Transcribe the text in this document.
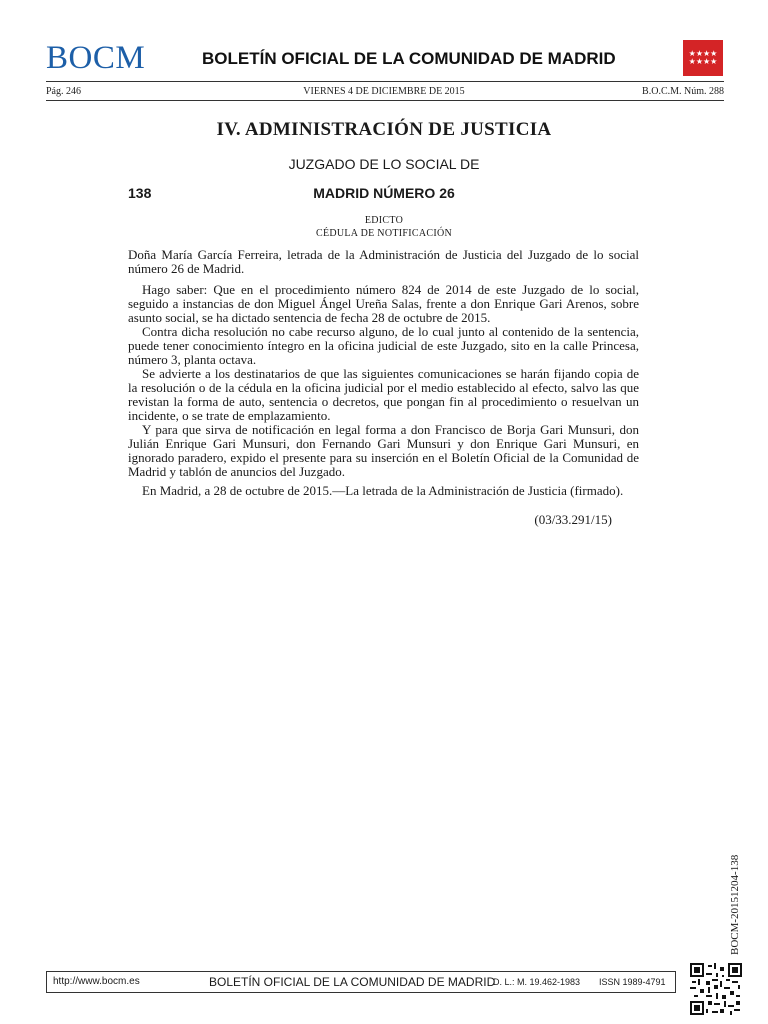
BOCM	BOLETÍN OFICIAL DE LA COMUNIDAD DE MADRID	★★★★
★★★★
Pág. 246	VIERNES 4 DE DICIEMBRE DE 2015	B.O.C.M. Núm. 288
IV. ADMINISTRACIÓN DE JUSTICIA
JUZGADO DE LO SOCIAL DE
138	MADRID NÚMERO 26
EDICTO
CÉDULA DE NOTIFICACIÓN

Doña María García Ferreira, letrada de la Administración de Justicia del Juzgado de lo social número 26 de Madrid.

Hago saber: Que en el procedimiento número 824 de 2014 de este Juzgado de lo social, seguido a instancias de don Miguel Ángel Ureña Salas, frente a don Enrique Gari Arenos, sobre asunto social, se ha dictado sentencia de fecha 28 de octubre de 2015.

Contra dicha resolución no cabe recurso alguno, de lo cual junto al contenido de la sentencia, puede tener conocimiento íntegro en la oficina judicial de este Juzgado, sito en la calle Princesa, número 3, planta octava.

Se advierte a los destinatarios de que las siguientes comunicaciones se harán fijando copia de la resolución o de la cédula en la oficina judicial por el medio establecido al efecto, salvo las que revistan la forma de auto, sentencia o decretos, que pongan fin al procedimiento o resuelvan un incidente, o se trate de emplazamiento.

Y para que sirva de notificación en legal forma a don Francisco de Borja Gari Munsuri, don Julián Enrique Gari Munsuri, don Fernando Gari Munsuri y don Enrique Gari Munsuri, en ignorado paradero, expido el presente para su inserción en el Boletín Oficial de la Comunidad de Madrid y tablón de anuncios del Juzgado.

En Madrid, a 28 de octubre de 2015.—La letrada de la Administración de Justicia (firmado).

(03/33.291/15)
BOCM-20151204-138
http://www.bocm.es	BOLETÍN OFICIAL DE LA COMUNIDAD DE MADRID
D. L.: M. 19.462-1983 ISSN 1989-4791
